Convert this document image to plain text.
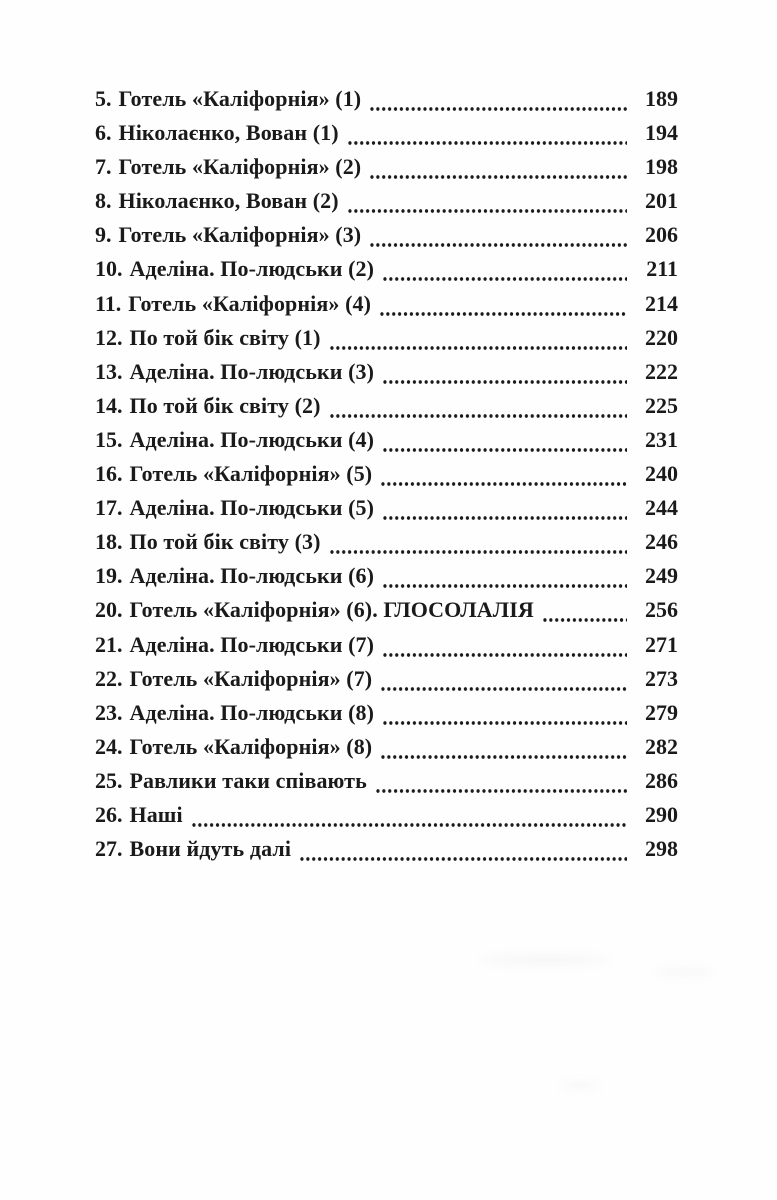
5. Готель «Каліфорнія» (1)	189
6. Ніколаєнко, Вован (1)	194
7. Готель «Каліфорнія» (2)	198
8. Ніколаєнко, Вован (2)	201
9. Готель «Каліфорнія» (3)	206
10. Аделіна. По-людськи (2)	211
11. Готель «Каліфорнія» (4)	214
12. По той бік світу (1)	220
13. Аделіна. По-людськи (3)	222
14. По той бік світу (2)	225
15. Аделіна. По-людськи (4)	231
16. Готель «Каліфорнія» (5)	240
17. Аделіна. По-людськи (5)	244
18. По той бік світу (3)	246
19. Аделіна. По-людськи (6)	249
20. Готель «Каліфорнія» (6). ГЛОСОЛАЛІЯ	256
21. Аделіна. По-людськи (7)	271
22. Готель «Каліфорнія» (7)	273
23. Аделіна. По-людськи (8)	279
24. Готель «Каліфорнія» (8)	282
25. Равлики таки співають	286
26. Наші	290
27. Вони йдуть далі	298
